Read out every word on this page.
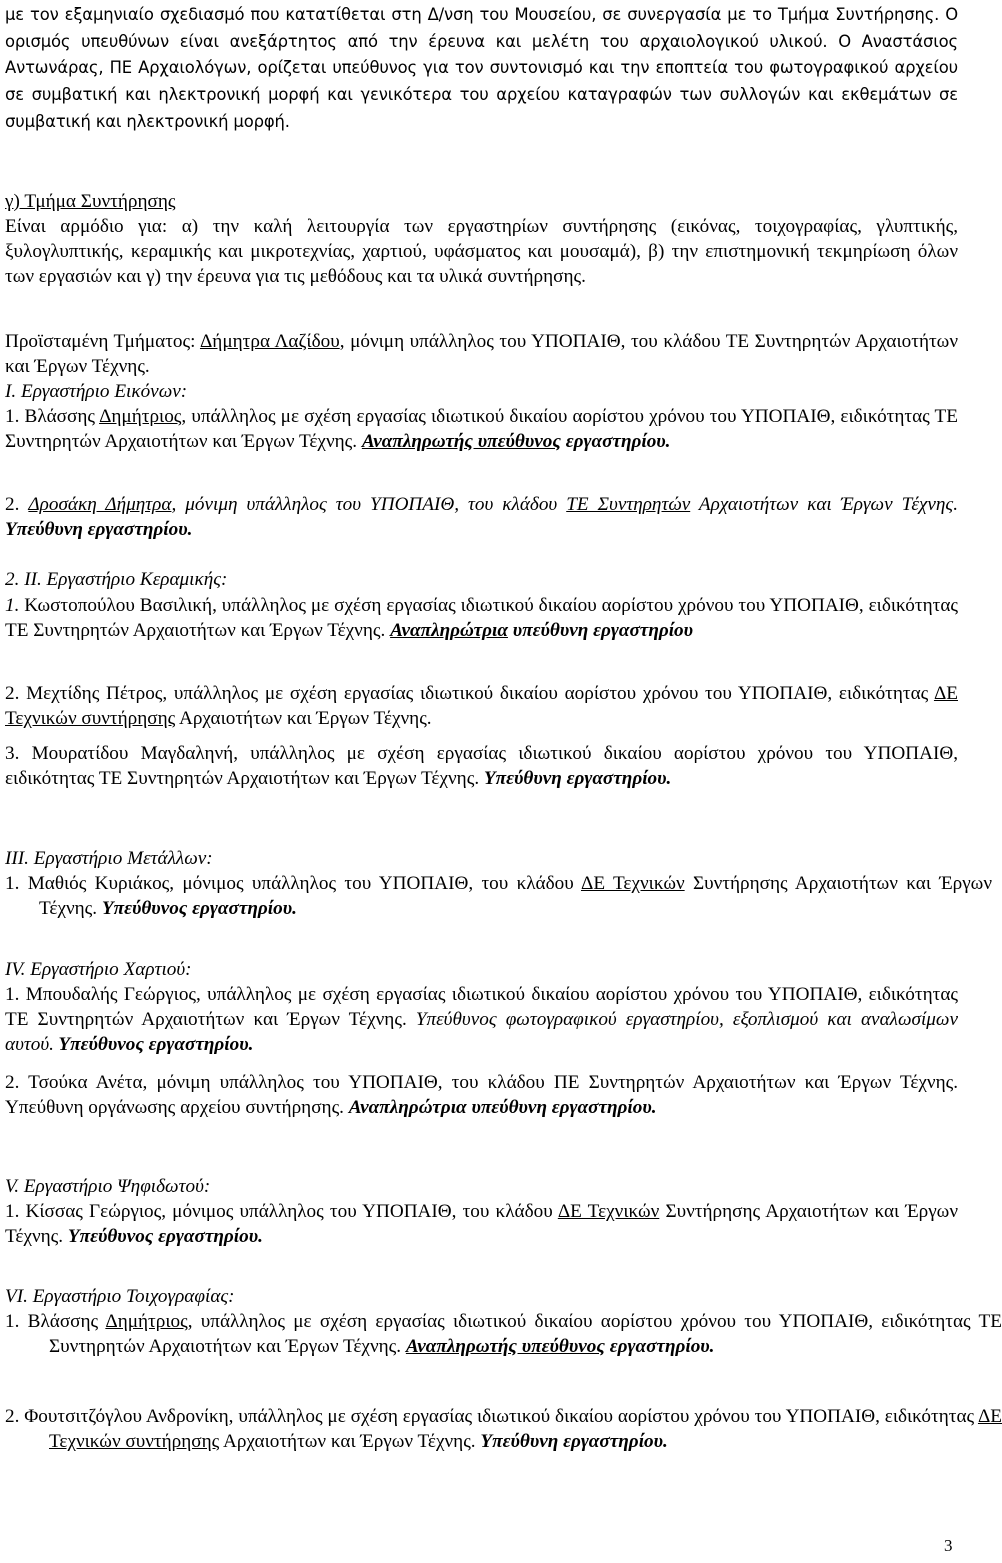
με τον εξαμηνιαίο σχεδιασμό που κατατίθεται στη Δ/νση του Μουσείου, σε συνεργασία με το Τμήμα Συντήρησης. Ο ορισμός υπευθύνων είναι ανεξάρτητος από την έρευνα και μελέτη του αρχαιολογικού υλικού. Ο Αναστάσιος Αντωνάρας, ΠΕ Αρχαιολόγων, ορίζεται υπεύθυνος για τον συντονισμό και την εποπτεία του φωτογραφικού αρχείου σε συμβατική και ηλεκτρονική μορφή και γενικότερα του αρχείου καταγραφών των συλλογών και εκθεμάτων σε συμβατική και ηλεκτρονική μορφή.

γ) Τμήμα Συντήρησης

Είναι αρμόδιο για: α) την καλή λειτουργία των εργαστηρίων συντήρησης (εικόνας, τοιχογραφίας, γλυπτικής, ξυλογλυπτικής, κεραμικής και μικροτεχνίας, χαρτιού, υφάσματος και μουσαμά), β) την επιστημονική τεκμηρίωση όλων των εργασιών και γ) την έρευνα για τις μεθόδους και τα υλικά συντήρησης.

Προϊσταμένη Τμήματος: Δήμητρα Λαζίδου, μόνιμη υπάλληλος του ΥΠΟΠΑΙΘ, του κλάδου ΤΕ Συντηρητών Αρχαιοτήτων και Έργων Τέχνης.

Ι. Εργαστήριο Εικόνων:

1. Βλάσσης Δημήτριος, υπάλληλος με σχέση εργασίας ιδιωτικού δικαίου αορίστου χρόνου του ΥΠΟΠΑΙΘ, ειδικότητας ΤΕ Συντηρητών Αρχαιοτήτων και Έργων Τέχνης. Αναπληρωτής υπεύθυνος εργαστηρίου.

2. Δροσάκη Δήμητρα, μόνιμη υπάλληλος του ΥΠΟΠΑΙΘ, του κλάδου ΤΕ Συντηρητών Αρχαιοτήτων και Έργων Τέχνης. Υπεύθυνη εργαστηρίου.

2. ΙΙ. Εργαστήριο Κεραμικής:

1. Κωστοπούλου Βασιλική, υπάλληλος με σχέση εργασίας ιδιωτικού δικαίου αορίστου χρόνου του ΥΠΟΠΑΙΘ, ειδικότητας ΤΕ Συντηρητών Αρχαιοτήτων και Έργων Τέχνης. Αναπληρώτρια υπεύθυνη εργαστηρίου

2. Μεχτίδης Πέτρος, υπάλληλος με σχέση εργασίας ιδιωτικού δικαίου αορίστου χρόνου του ΥΠΟΠΑΙΘ, ειδικότητας ΔΕ Τεχνικών συντήρησης Αρχαιοτήτων και Έργων Τέχνης.

3. Μουρατίδου Μαγδαληνή, υπάλληλος με σχέση εργασίας ιδιωτικού δικαίου αορίστου χρόνου του ΥΠΟΠΑΙΘ, ειδικότητας ΤΕ Συντηρητών Αρχαιοτήτων και Έργων Τέχνης. Υπεύθυνη εργαστηρίου.

ΙΙΙ. Εργαστήριο Μετάλλων:

1. Μαθιός Κυριάκος, μόνιμος υπάλληλος του ΥΠΟΠΑΙΘ, του κλάδου ΔΕ Τεχνικών Συντήρησης Αρχαιοτήτων και Έργων Τέχνης. Υπεύθυνος εργαστηρίου.

IV. Εργαστήριο Χαρτιού:

1. Μπουδαλής Γεώργιος, υπάλληλος με σχέση εργασίας ιδιωτικού δικαίου αορίστου χρόνου του ΥΠΟΠΑΙΘ, ειδικότητας ΤΕ Συντηρητών Αρχαιοτήτων και Έργων Τέχνης. Υπεύθυνος φωτογραφικού εργαστηρίου, εξοπλισμού και αναλωσίμων αυτού. Υπεύθυνος εργαστηρίου.

2. Τσούκα Ανέτα, μόνιμη υπάλληλος του ΥΠΟΠΑΙΘ, του κλάδου ΠΕ Συντηρητών Αρχαιοτήτων και Έργων Τέχνης. Υπεύθυνη οργάνωσης αρχείου συντήρησης. Αναπληρώτρια υπεύθυνη εργαστηρίου.

V. Εργαστήριο Ψηφιδωτού:

1. Κίσσας Γεώργιος, μόνιμος υπάλληλος του ΥΠΟΠΑΙΘ, του κλάδου ΔΕ Τεχνικών Συντήρησης Αρχαιοτήτων και Έργων Τέχνης. Υπεύθυνος εργαστηρίου.

VI. Εργαστήριο Τοιχογραφίας:

1. Βλάσσης Δημήτριος, υπάλληλος με σχέση εργασίας ιδιωτικού δικαίου αορίστου χρόνου του ΥΠΟΠΑΙΘ, ειδικότητας ΤΕ Συντηρητών Αρχαιοτήτων και Έργων Τέχνης. Αναπληρωτής υπεύθυνος εργαστηρίου.

2. Φουτσιτζόγλου Ανδρονίκη, υπάλληλος με σχέση εργασίας ιδιωτικού δικαίου αορίστου χρόνου του ΥΠΟΠΑΙΘ, ειδικότητας ΔΕ Τεχνικών συντήρησης Αρχαιοτήτων και Έργων Τέχνης. Υπεύθυνη εργαστηρίου.

3
